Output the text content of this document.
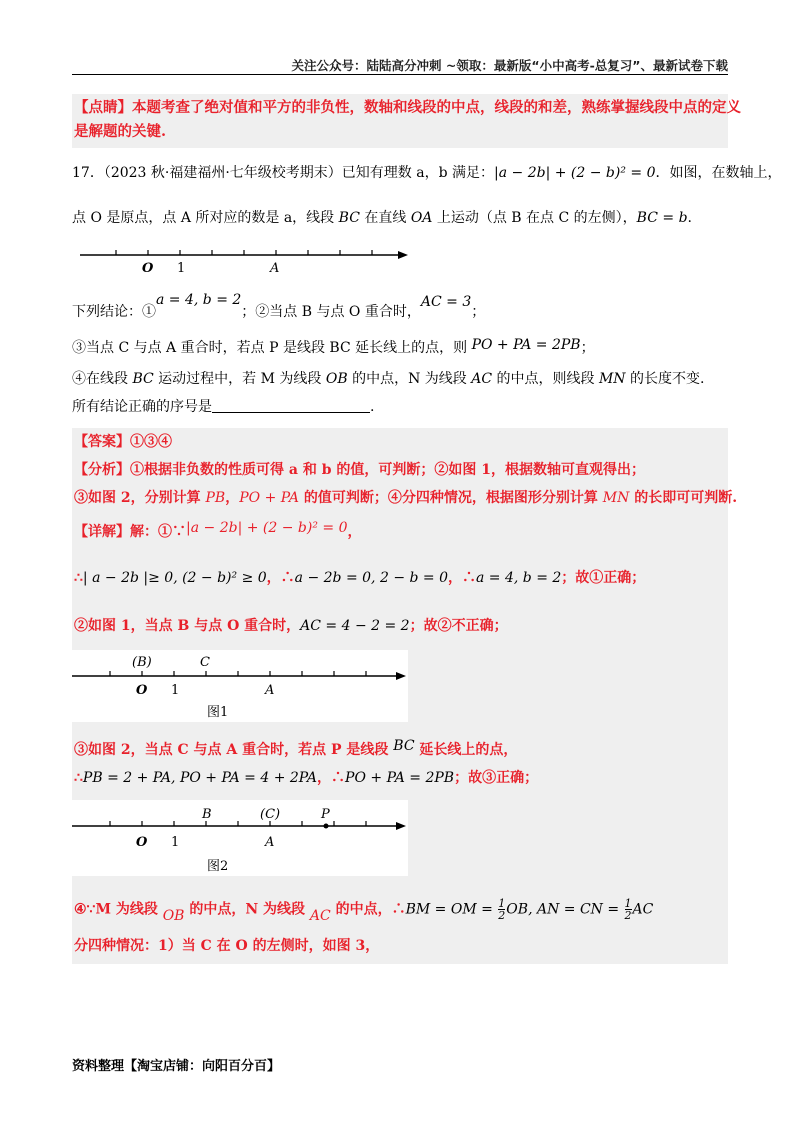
关注公众号：陆陆高分冲刺 ~领取：最新版“小中高考-总复习”、最新试卷下载
【点睛】本题考查了绝对值和平方的非负性，数轴和线段的中点，线段的和差，熟练掌握线段中点的定义
是解题的关键.
17．（2023 秋·福建福州·七年级校考期末）已知有理数 a，b 满足：|a − 2b| + (2 − b)² = 0．如图，在数轴上，
点 O 是原点，点 A 所对应的数是 a，线段 BC 在直线 OA 上运动（点 B 在点 C 的左侧），BC = b.
O 1	A
下列结论：①a = 4, b = 2；②当点 B 与点 O 重合时，AC = 3；
③当点 C 与点 A 重合时，若点 P 是线段 BC 延长线上的点，则 PO + PA = 2PB；
④在线段 BC 运动过程中，若 M 为线段 OB 的中点，N 为线段 AC 的中点，则线段 MN 的长度不变.
所有结论正确的序号是	.
【答案】①③④
【分析】①根据非负数的性质可得 a 和 b 的值，可判断；②如图 1，根据数轴可直观得出；
③如图 2，分别计算 PB，PO + PA 的值可判断；④分四种情况，根据图形分别计算 MN 的长即可可判断.
【详解】解：①∵|a − 2b| + (2 − b)² = 0，
∴| a − 2b |≥ 0, (2 − b)² ≥ 0，∴a − 2b = 0, 2 − b = 0，∴a = 4, b = 2；故①正确；
②如图 1，当点 B 与点 O 重合时，AC = 4 − 2 = 2；故②不正确；
(B)	C
O 1	A
图1
③如图 2，当点 C 与点 A 重合时，若点 P 是线段 BC 延长线上的点，
∴PB = 2 + PA, PO + PA = 4 + 2PA，∴PO + PA = 2PB；故③正确；
B	(C)	P
O 1	A
图2
④∵M 为线段 OB 的中点，N 为线段 AC 的中点，∴BM = OM = $\frac{1}{2}$ OB, AN = CN = $\frac{1}{2}$ AC
分四种情况：1）当 C 在 O 的左侧时，如图 3，
资料整理【淘宝店铺：向阳百分百】
